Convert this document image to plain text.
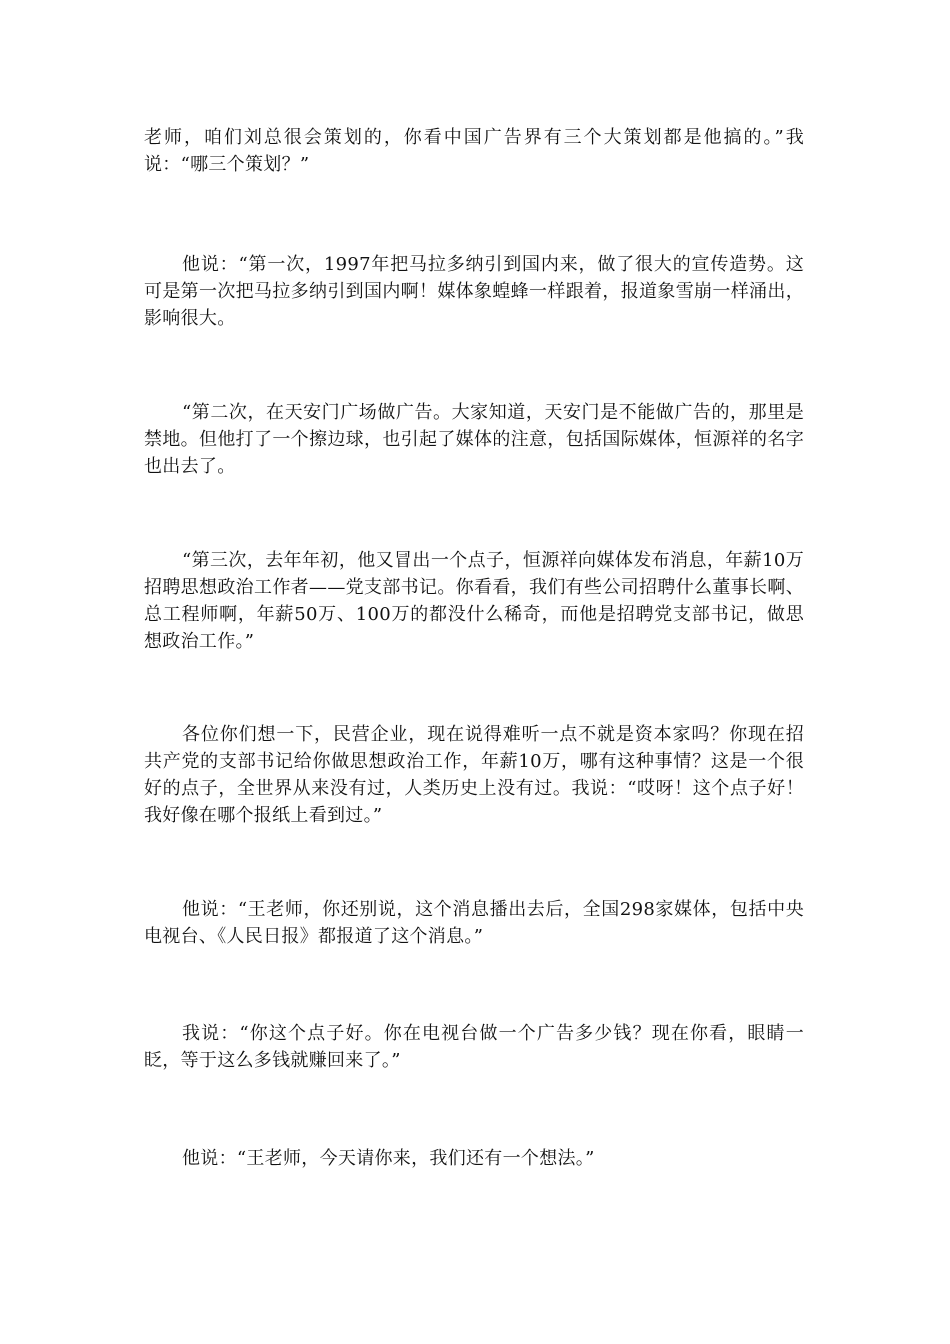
老师，咱们刘总很会策划的，你看中国广告界有三个大策划都是他搞的。”我说：“哪三个策划？”

他说：“第一次，1997年把马拉多纳引到国内来，做了很大的宣传造势。这可是第一次把马拉多纳引到国内啊！媒体象蝗蜂一样跟着，报道象雪崩一样涌出，影响很大。

“第二次，在天安门广场做广告。大家知道，天安门是不能做广告的，那里是禁地。但他打了一个擦边球，也引起了媒体的注意，包括国际媒体，恒源祥的名字也出去了。

“第三次，去年年初，他又冒出一个点子，恒源祥向媒体发布消息，年薪10万招聘思想政治工作者——党支部书记。你看看，我们有些公司招聘什么董事长啊、总工程师啊，年薪50万、100万的都没什么稀奇，而他是招聘党支部书记，做思想政治工作。”

各位你们想一下，民营企业，现在说得难听一点不就是资本家吗？你现在招共产党的支部书记给你做思想政治工作，年薪10万，哪有这种事情？这是一个很好的点子，全世界从来没有过，人类历史上没有过。我说：“哎呀！这个点子好！我好像在哪个报纸上看到过。”

他说：“王老师，你还别说，这个消息播出去后，全国298家媒体，包括中央电视台、《人民日报》都报道了这个消息。”

我说：“你这个点子好。你在电视台做一个广告多少钱？现在你看，眼睛一眨，等于这么多钱就赚回来了。”

他说：“王老师，今天请你来，我们还有一个想法。”
